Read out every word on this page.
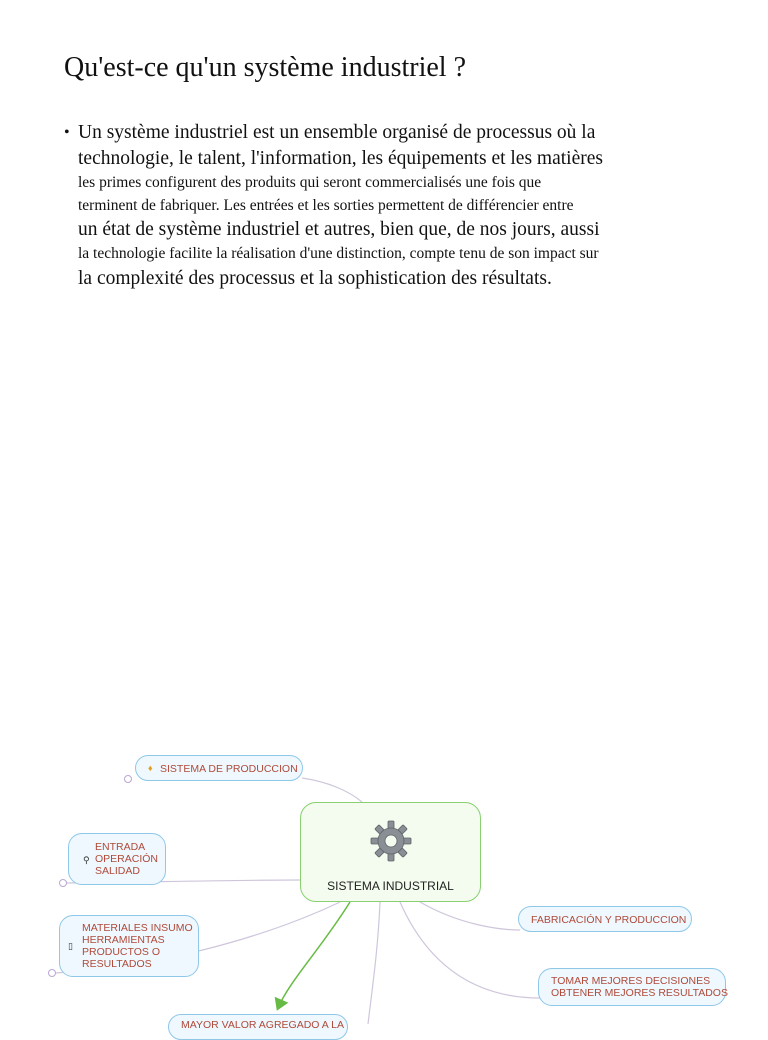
Qu'est-ce qu'un système industriel ?
• Un système industriel est un ensemble organisé de processus où la
technologie, le talent, l'information, les équipements et les matières
les primes configurent des produits qui seront commercialisés une fois que
terminent de fabriquer. Les entrées et les sorties permettent de différencier entre
un état de système industriel et autres, bien que, de nos jours, aussi
la technologie facilite la réalisation d'une distinction, compte tenu de son impact sur
la complexité des processus et la sophistication des résultats.
♦ SISTEMA DE PRODUCCION
⚲
ENTRADA
OPERACIÓN
SALIDAD
▯
MATERIALES INSUMO
HERRAMIENTAS
PRODUCTOS O
RESULTADOS
SISTEMA INDUSTRIAL
FABRICACIÓN Y PRODUCCION
TOMAR MEJORES DECISIONES
OBTENER MEJORES RESULTADOS
MAYOR VALOR AGREGADO A LA
